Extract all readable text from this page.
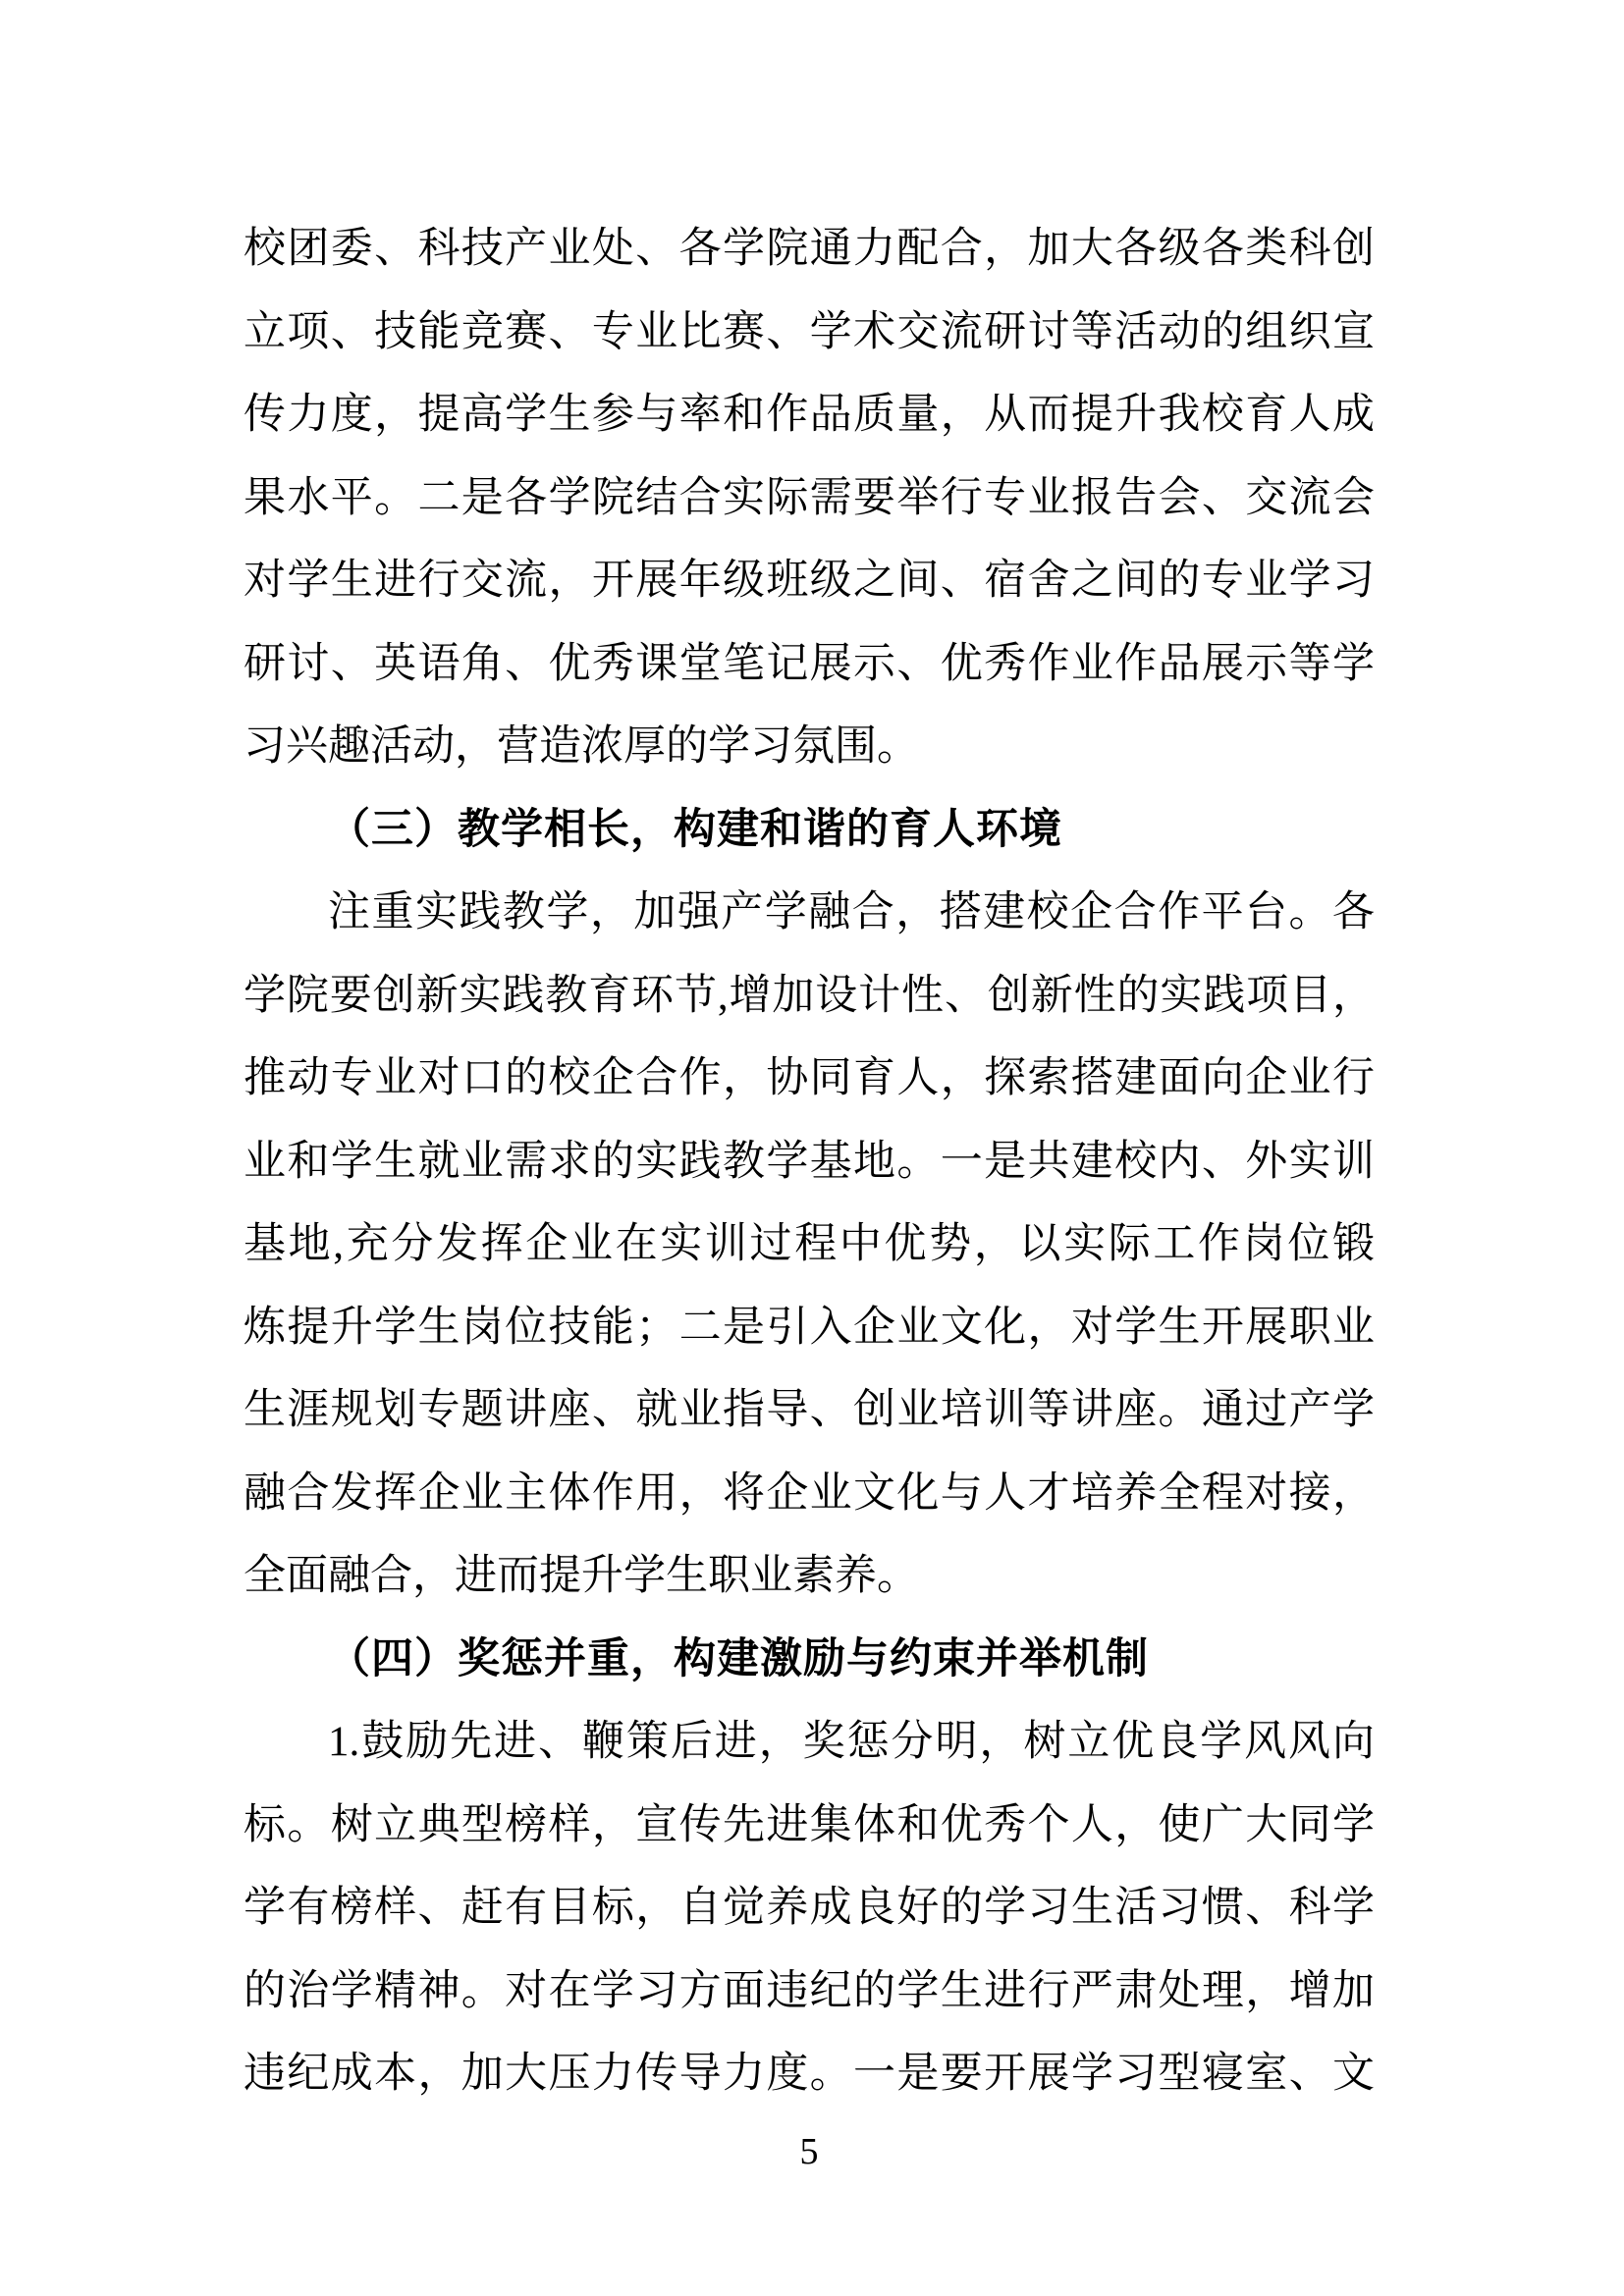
校团委、科技产业处、各学院通力配合，加大各级各类科创
立项、技能竞赛、专业比赛、学术交流研讨等活动的组织宣
传力度，提高学生参与率和作品质量，从而提升我校育人成
果水平。二是各学院结合实际需要举行专业报告会、交流会
对学生进行交流，开展年级班级之间、宿舍之间的专业学习
研讨、英语角、优秀课堂笔记展示、优秀作业作品展示等学
习兴趣活动，营造浓厚的学习氛围。
（三）教学相长，构建和谐的育人环境
注重实践教学，加强产学融合，搭建校企合作平台。各
学院要创新实践教育环节,增加设计性、创新性的实践项目，
推动专业对口的校企合作，协同育人，探索搭建面向企业行
业和学生就业需求的实践教学基地。一是共建校内、外实训
基地,充分发挥企业在实训过程中优势，以实际工作岗位锻
炼提升学生岗位技能；二是引入企业文化，对学生开展职业
生涯规划专题讲座、就业指导、创业培训等讲座。通过产学
融合发挥企业主体作用，将企业文化与人才培养全程对接，
全面融合，进而提升学生职业素养。
（四）奖惩并重，构建激励与约束并举机制
1.鼓励先进、鞭策后进，奖惩分明，树立优良学风风向
标。树立典型榜样，宣传先进集体和优秀个人，使广大同学
学有榜样、赶有目标，自觉养成良好的学习生活习惯、科学
的治学精神。对在学习方面违纪的学生进行严肃处理，增加
违纪成本，加大压力传导力度。一是要开展学习型寝室、文
5
